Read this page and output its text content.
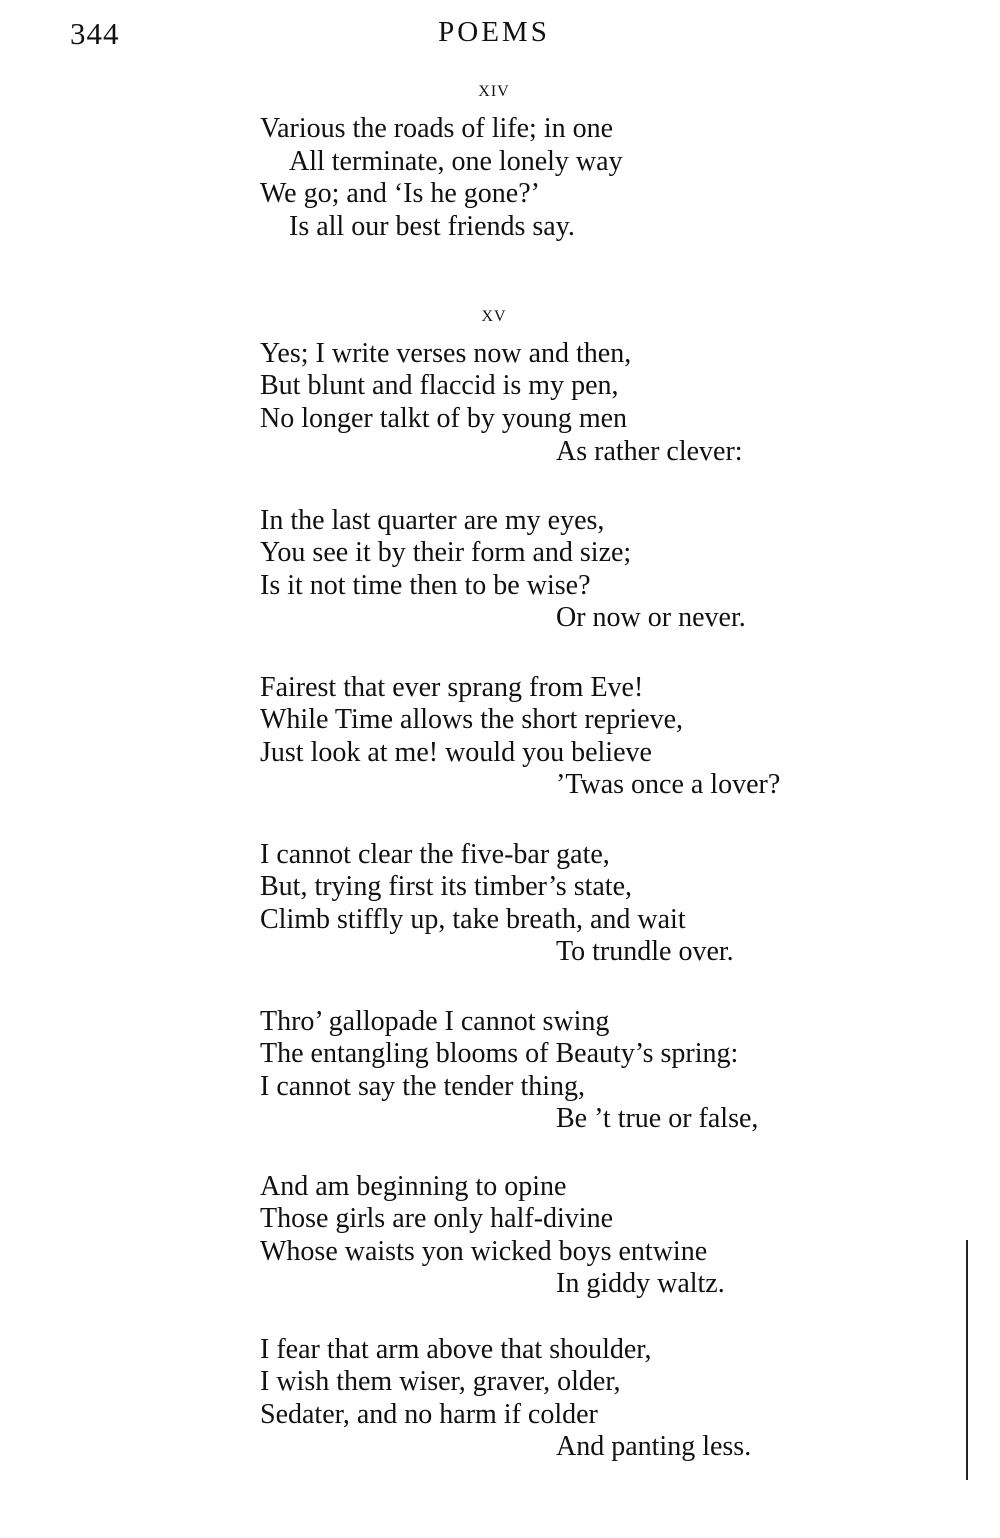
344	POEMS
xiv
Various the roads of life; in one
All terminate, one lonely way
We go; and ‘Is he gone?’
Is all our best friends say.
xv
Yes; I write verses now and then,
But blunt and flaccid is my pen,
No longer talkt of by young men
As rather clever:
In the last quarter are my eyes,
You see it by their form and size;
Is it not time then to be wise?
Or now or never.
Fairest that ever sprang from Eve!
While Time allows the short reprieve,
Just look at me! would you believe
’Twas once a lover?
I cannot clear the five-bar gate,
But, trying first its timber’s state,
Climb stiffly up, take breath, and wait
To trundle over.
Thro’ gallopade I cannot swing
The entangling blooms of Beauty’s spring:
I cannot say the tender thing,
Be ’t true or false,
And am beginning to opine
Those girls are only half-divine
Whose waists yon wicked boys entwine
In giddy waltz.
I fear that arm above that shoulder,
I wish them wiser, graver, older,
Sedater, and no harm if colder
And panting less.
